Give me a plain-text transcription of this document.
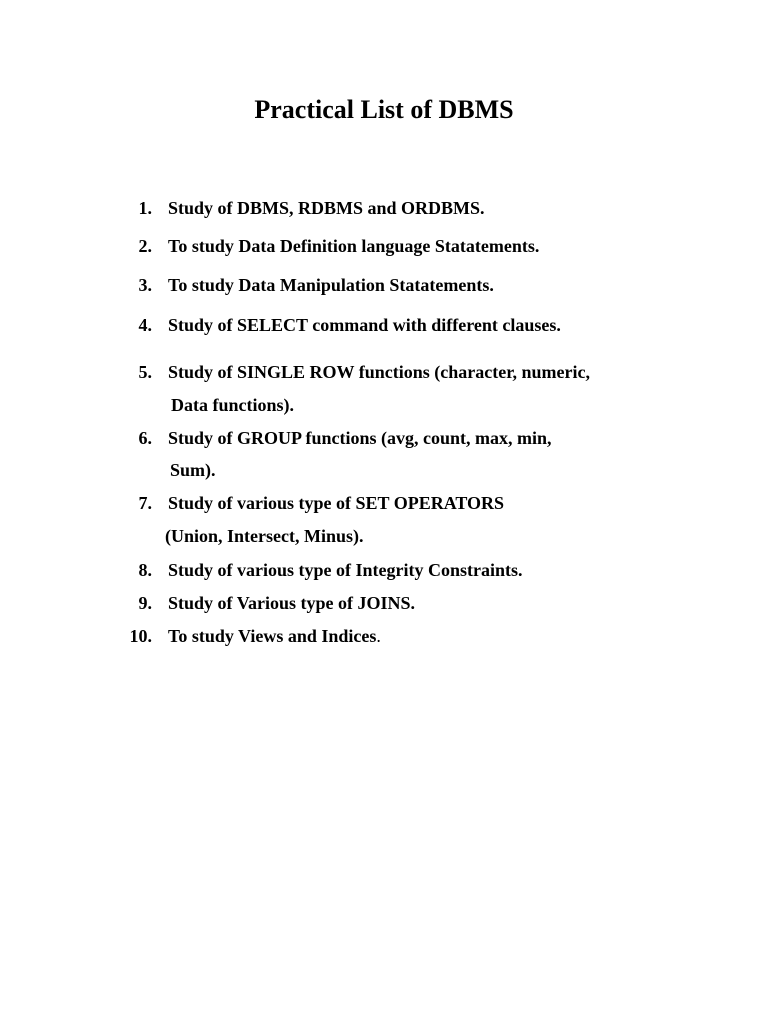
Practical List of DBMS
1. Study of DBMS, RDBMS and ORDBMS.
2. To study Data Definition language Statatements.
3. To study Data Manipulation Statatements.
4. Study of SELECT command with different clauses.
5. Study of SINGLE ROW functions (character, numeric,
Data functions).
6. Study of GROUP functions (avg, count, max, min,
Sum).
7. Study of various type of SET OPERATORS
(Union, Intersect, Minus).
8. Study of various type of Integrity Constraints.
9. Study of Various type of JOINS.
10. To study Views and Indices.
